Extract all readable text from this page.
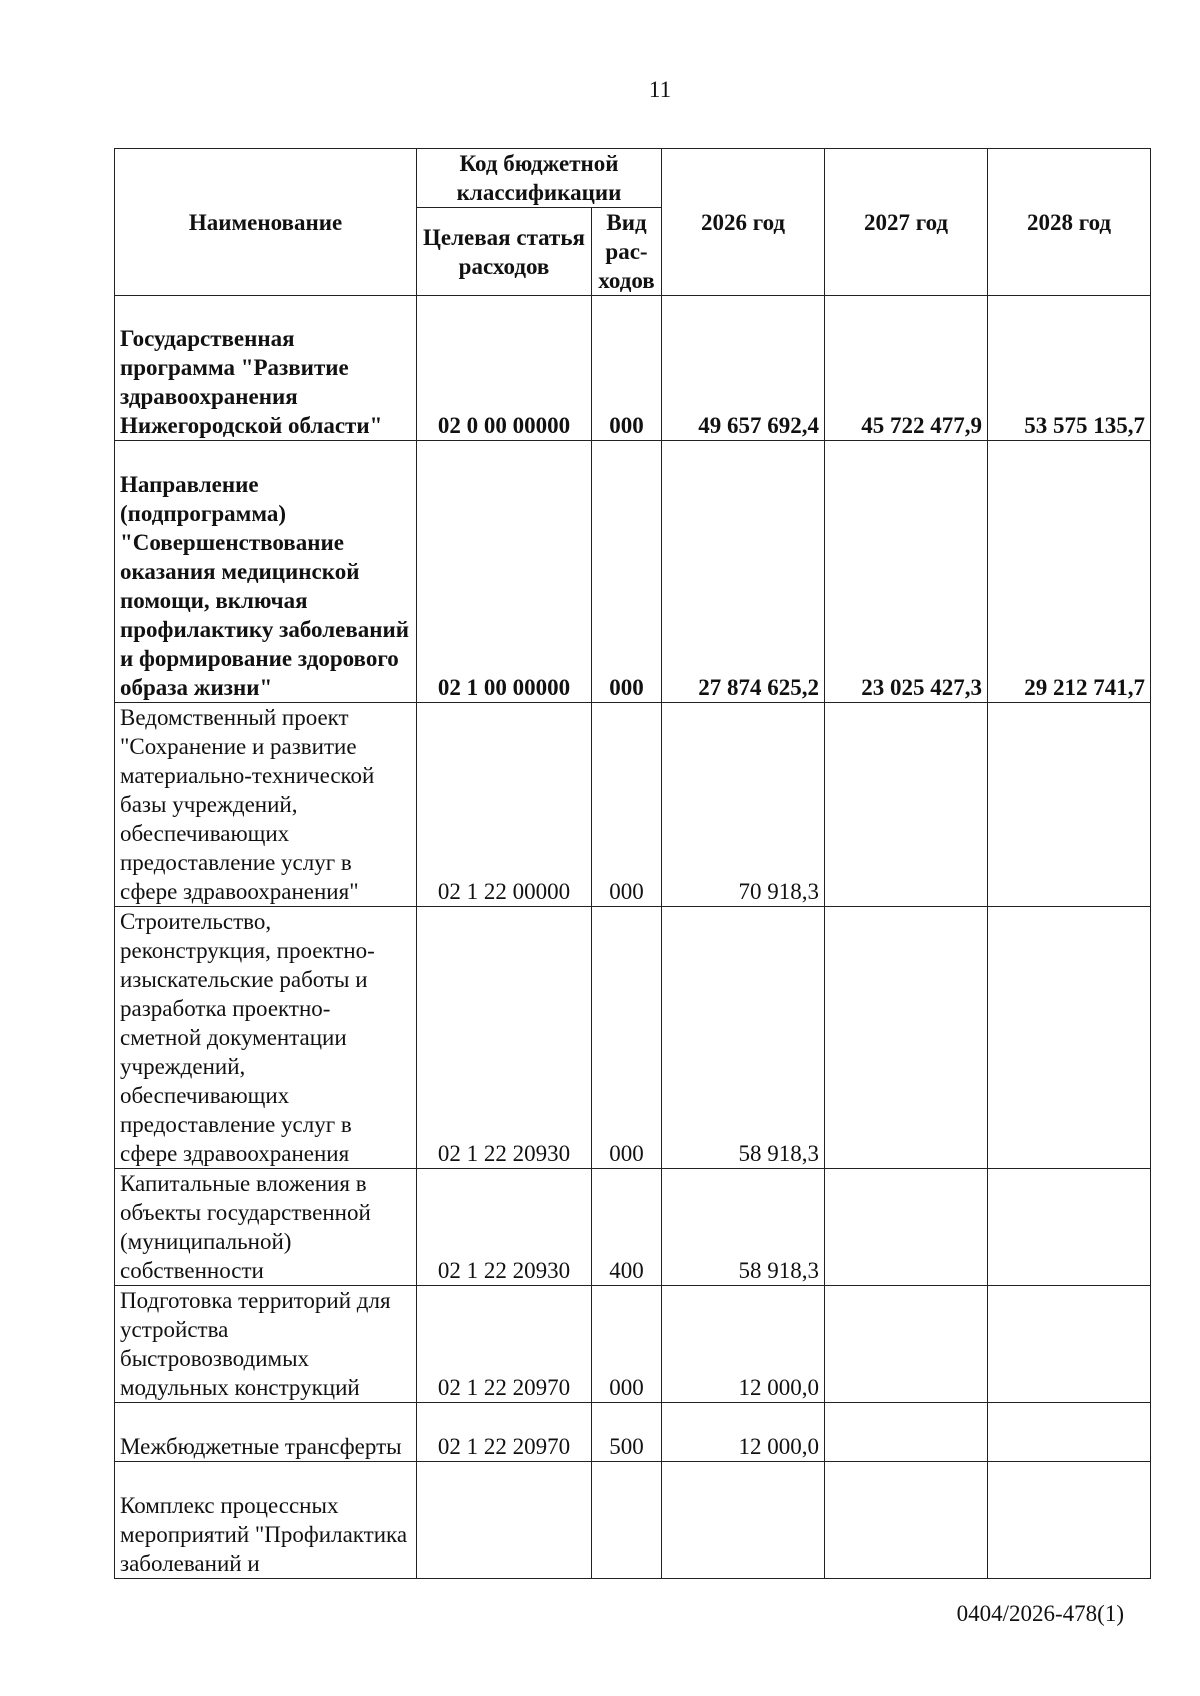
11
Наименование	Код бюджетной классификации		2026 год	2027 год	2028 год
	Целевая статья расходов	Вид рас-ходов			
Государственная программа "Развитие здравоохранения Нижегородской области"	02 0 00 00000	000	49 657 692,4	45 722 477,9	53 575 135,7
Направление (подпрограмма) "Совершенствование оказания медицинской помощи, включая профилактику заболеваний и формирование здорового образа жизни"	02 1 00 00000	000	27 874 625,2	23 025 427,3	29 212 741,7
Ведомственный проект "Сохранение и развитие материально-технической базы учреждений, обеспечивающих предоставление услуг в сфере здравоохранения"	02 1 22 00000	000	70 918,3		
Строительство, реконструкция, проектно-изыскательские работы и разработка проектно-сметной документации учреждений, обеспечивающих предоставление услуг в сфере здравоохранения	02 1 22 20930	000	58 918,3		
Капитальные вложения в объекты государственной (муниципальной) собственности	02 1 22 20930	400	58 918,3		
Подготовка территорий для устройства быстровозводимых модульных конструкций	02 1 22 20970	000	12 000,0		
Межбюджетные трансферты	02 1 22 20970	500	12 000,0		
Комплекс процессных мероприятий "Профилактика заболеваний и					
0404/2026-478(1)
